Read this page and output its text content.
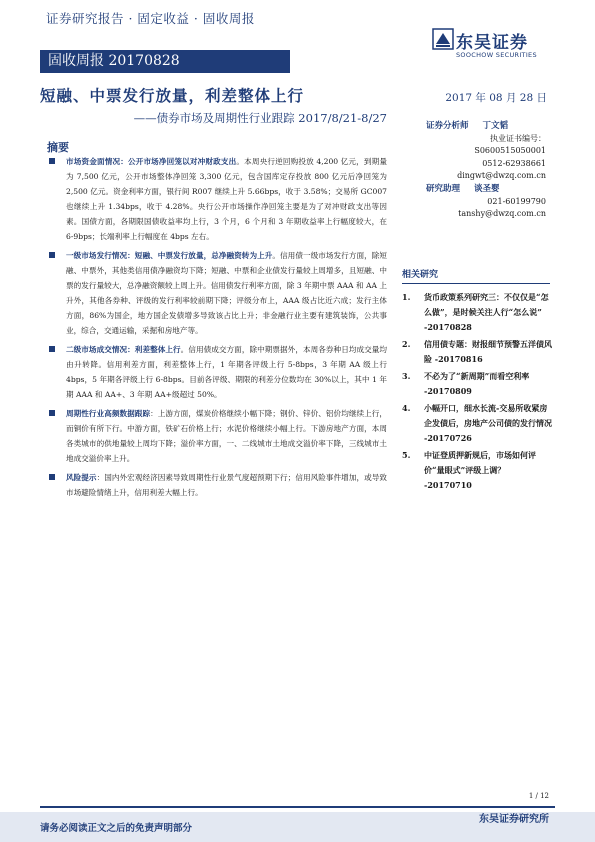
证券研究报告 · 固定收益 · 固收周报
东吴证券
SOOCHOW SECURITIES
固收周报 20170828
短融、中票发行放量，利差整体上行	2017 年 08 月 28 日
——债券市场及周期性行业跟踪 2017/8/21-8/27
摘要
市场资金面情况：公开市场净回笼以对冲财政支出。本周央行逆回购投放 4,200 亿元，到期量为 7,500 亿元，公开市场整体净回笼 3,300 亿元，包含国库定存投放 800 亿元后净回笼为 2,500 亿元。资金利率方面，银行间 R007 继续上升 5.66bps，收于 3.58%；交易所 GC007 也继续上升 1.34bps，收于 4.28%。央行公开市场操作净回笼主要是为了对冲财政支出等因素。国债方面，各期限国债收益率均上行，3 个月，6 个月和 3 年期收益率上行幅度较大，在 6-9bps；长端利率上行幅度在 4bps 左右。
一级市场发行情况：短融、中票发行放量，总净融资转为上升。信用债一级市场发行方面，除短融、中票外，其他类信用债净融资均下降；短融、中票和企业债发行量较上周增多，且短融、中票的发行量较大，总净融资额较上周上升。信用债发行利率方面，除 3 年期中票 AAA 和 AA 上升外，其他各券种、评级的发行利率较前期下降；评级分布上，AAA 级占比近六成；发行主体方面，86%为国企，地方国企发债增多导致该占比上升；非金融行业主要有建筑装饰，公共事业，综合，交通运输，采掘和房地产等。
二级市场成交情况：利差整体上行。信用债成交方面，除中期票据外，本周各券种日均成交量均由升转降。信用利差方面，利差整体上行，1 年期各评级上行 5-8bps，3 年期 AA 级上行 4bps，5 年期各评级上行 6-8bps。目前各评级、期限的利差分位数均在 30%以上，其中 1 年期 AAA 和 AA+、3 年期 AA+级超过 50%。
周期性行业高频数据跟踪：上游方面，煤炭价格继续小幅下降；钢价、锌价、铝价均继续上行，而铜价有所下行。中游方面，铁矿石价格上行；水泥价格继续小幅上行。下游房地产方面，本周各类城市的供地量较上周均下降；溢价率方面，一、二线城市土地成交溢价率下降，三线城市土地成交溢价率上升。
风险提示：国内外宏观经济因素导致周期性行业景气度超预期下行；信用风险事件增加，或导致市场避险情绪上升，信用利差大幅上行。
证券分析师 丁文韬
执业证书编号：
S0600515050001
0512-62938661
dingwt@dwzq.com.cn
研究助理 谈圣婴
021-60199790
tanshy@dwzq.com.cn
相关研究
1. 货币政策系列研究三：不仅仅是“怎么做”，是时候关注人行“怎么说” -20170828
2. 信用债专题：财报细节预警五洋债风险 -20170816
3. 不必为了“新周期”而看空利率 -20170809
4. 小幅开口，细水长流-交易所收紧房企发债后，房地产公司债的发行情况 -20170726
5. 中证登质押新规后，市场如何评价“量眼式”评级上调？ -20170710
1 / 12
请务必阅读正文之后的免责声明部分
东吴证券研究所
